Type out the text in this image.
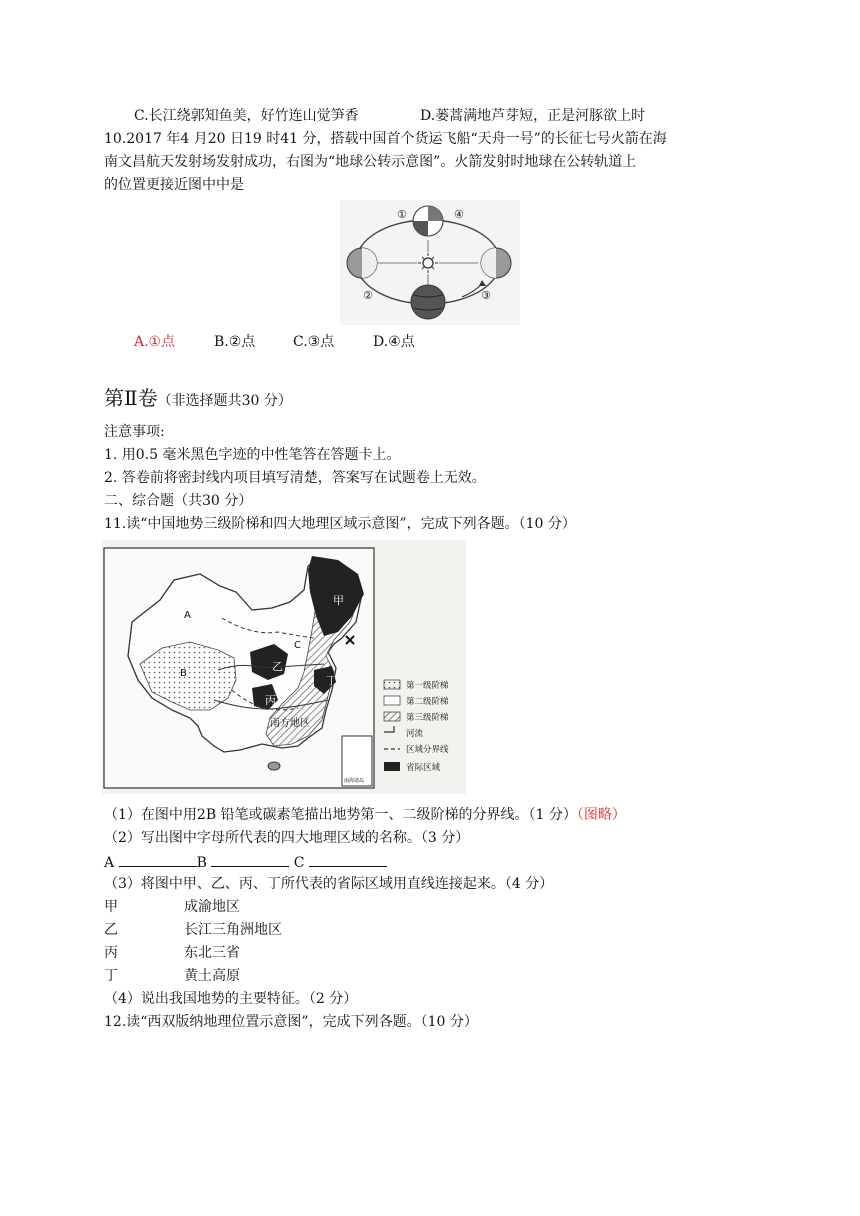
C.长江绕郭知鱼美，好竹连山觉笋香	D.蒌蒿满地芦芽短，正是河豚欲上时
10.2017 年4 月20 日19 时41 分，搭载中国首个货运飞船“天舟一号”的长征七号火箭在海
南文昌航天发射场发射成功，右图为“地球公转示意图”。火箭发射时地球在公转轨道上
的位置更接近图中中是
①	④
②	③
A.①点	B.②点	C.③点	D.④点
第Ⅱ卷（非选择题共30 分）
注意事项:
1. 用0.5 毫米黑色字迹的中性笔答在答题卡上。
2. 答卷前将密封线内项目填写清楚，答案写在试题卷上无效。
二、综合题（共30 分）
11.读“中国地势三级阶梯和四大地理区域示意图”，完成下列各题。（10 分）
A
B
C
甲
乙
丙
丁
南方地区
南海诸岛
第一级阶梯
第二级阶梯
第三级阶梯
河流
区域分界线
省际区域
（1）在图中用2B 铅笔或碳素笔描出地势第一、二级阶梯的分界线。（1 分）（图略）
（2）写出图中字母所代表的四大地理区域的名称。（3 分）
A	B	C
（3）将图中甲、乙、丙、丁所代表的省际区域用直线连接起来。（4 分）
甲	成渝地区
乙	长江三角洲地区
丙	东北三省
丁	黄土高原
（4）说出我国地势的主要特征。（2 分）
12.读“西双版纳地理位置示意图”，完成下列各题。（10 分）
